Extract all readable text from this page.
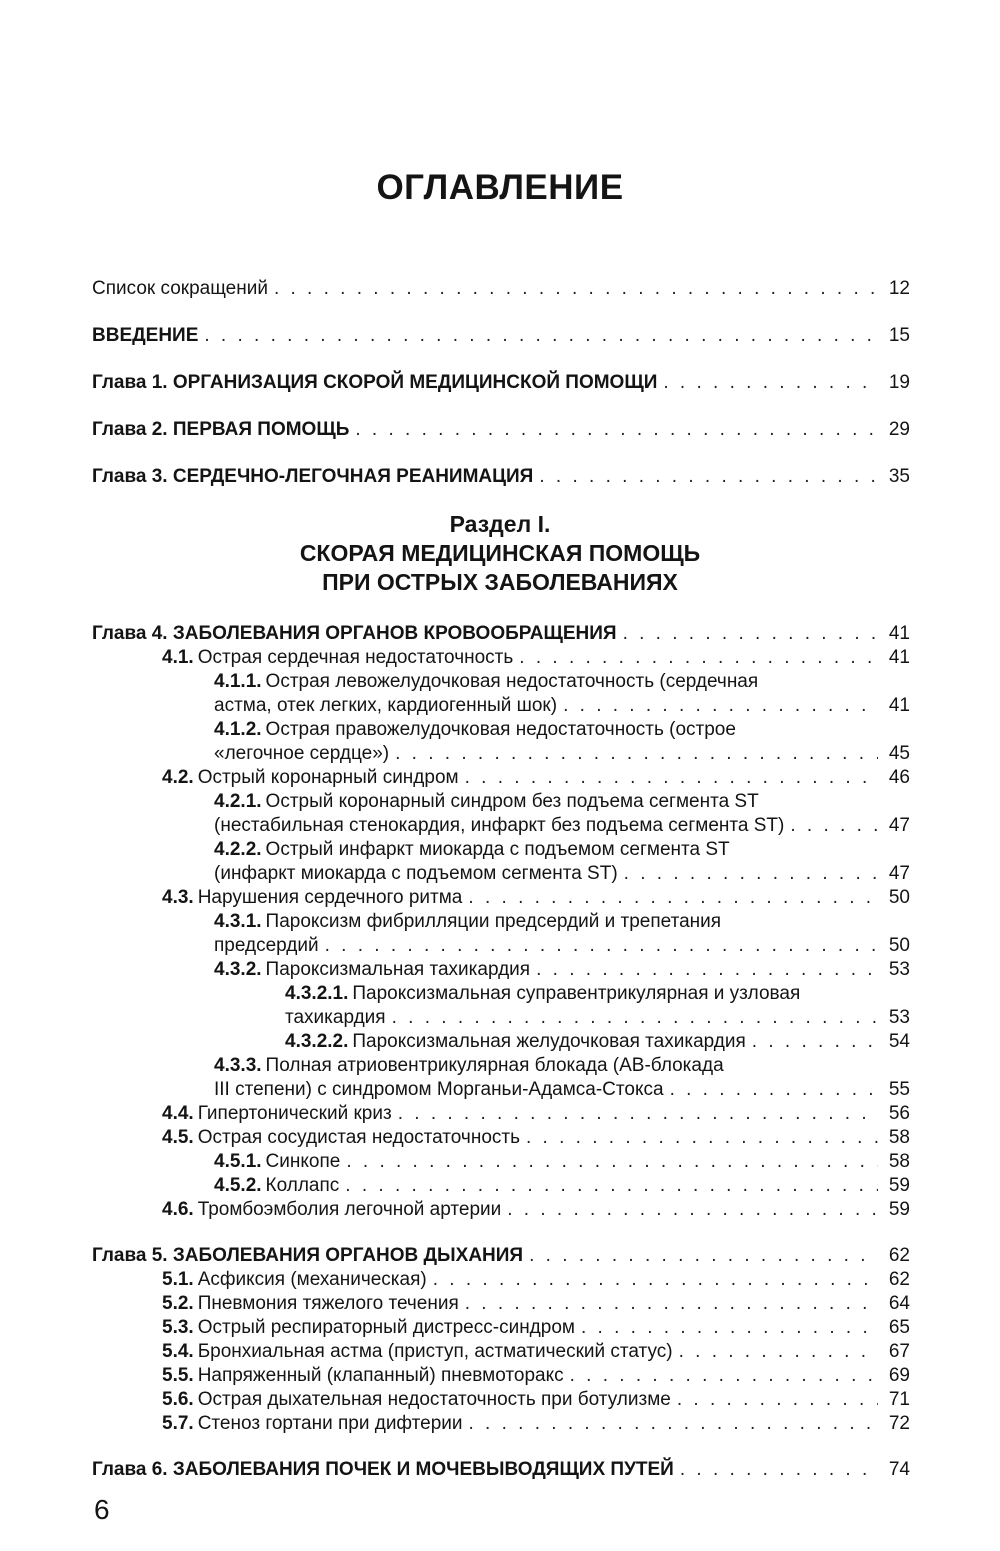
ОГЛАВЛЕНИЕ
Список сокращений . . .	12
ВВЕДЕНИЕ . . .	15
Глава 1. ОРГАНИЗАЦИЯ СКОРОЙ МЕДИЦИНСКОЙ ПОМОЩИ . . .	19
Глава 2. ПЕРВАЯ ПОМОЩЬ . . .	29
Глава 3. СЕРДЕЧНО-ЛЕГОЧНАЯ РЕАНИМАЦИЯ . . .	35
Раздел I.
СКОРАЯ МЕДИЦИНСКАЯ ПОМОЩЬ
ПРИ ОСТРЫХ ЗАБОЛЕВАНИЯХ
Глава 4. ЗАБОЛЕВАНИЯ ОРГАНОВ КРОВООБРАЩЕНИЯ . . .	41
4.1. Острая сердечная недостаточность . . .	41
4.1.1. Острая левожелудочковая недостаточность (сердечная
астма, отек легких, кардиогенный шок) . . .	41
4.1.2. Острая правожелудочковая недостаточность (острое
«легочное сердце») . . .	45
4.2. Острый коронарный синдром . . .	46
4.2.1. Острый коронарный синдром без подъема сегмента ST
(нестабильная стенокардия, инфаркт без подъема сегмента ST) . . .	47
4.2.2. Острый инфаркт миокарда с подъемом сегмента ST
(инфаркт миокарда с подъемом сегмента ST) . . .	47
4.3. Нарушения сердечного ритма . . .	50
4.3.1. Пароксизм фибрилляции предсердий и трепетания
предсердий . . .	50
4.3.2. Пароксизмальная тахикардия . . .	53
4.3.2.1. Пароксизмальная суправентрикулярная и узловая
тахикардия . . .	53
4.3.2.2. Пароксизмальная желудочковая тахикардия . . .	54
4.3.3. Полная атриовентрикулярная блокада (АВ-блокада
III степени) с синдромом Морганьи-Адамса-Стокса . . .	55
4.4. Гипертонический криз . . .	56
4.5. Острая сосудистая недостаточность . . .	58
4.5.1. Синкопе . . .	58
4.5.2. Коллапс . . .	59
4.6. Тромбоэмболия легочной артерии . . .	59
Глава 5. ЗАБОЛЕВАНИЯ ОРГАНОВ ДЫХАНИЯ . . .	62
5.1. Асфиксия (механическая) . . .	62
5.2. Пневмония тяжелого течения . . .	64
5.3. Острый респираторный дистресс-синдром . . .	65
5.4. Бронхиальная астма (приступ, астматический статус) . . .	67
5.5. Напряженный (клапанный) пневмоторакс . . .	69
5.6. Острая дыхательная недостаточность при ботулизме . . .	71
5.7. Стеноз гортани при дифтерии . . .	72
Глава 6. ЗАБОЛЕВАНИЯ ПОЧЕК И МОЧЕВЫВОДЯЩИХ ПУТЕЙ . . .	74
6
